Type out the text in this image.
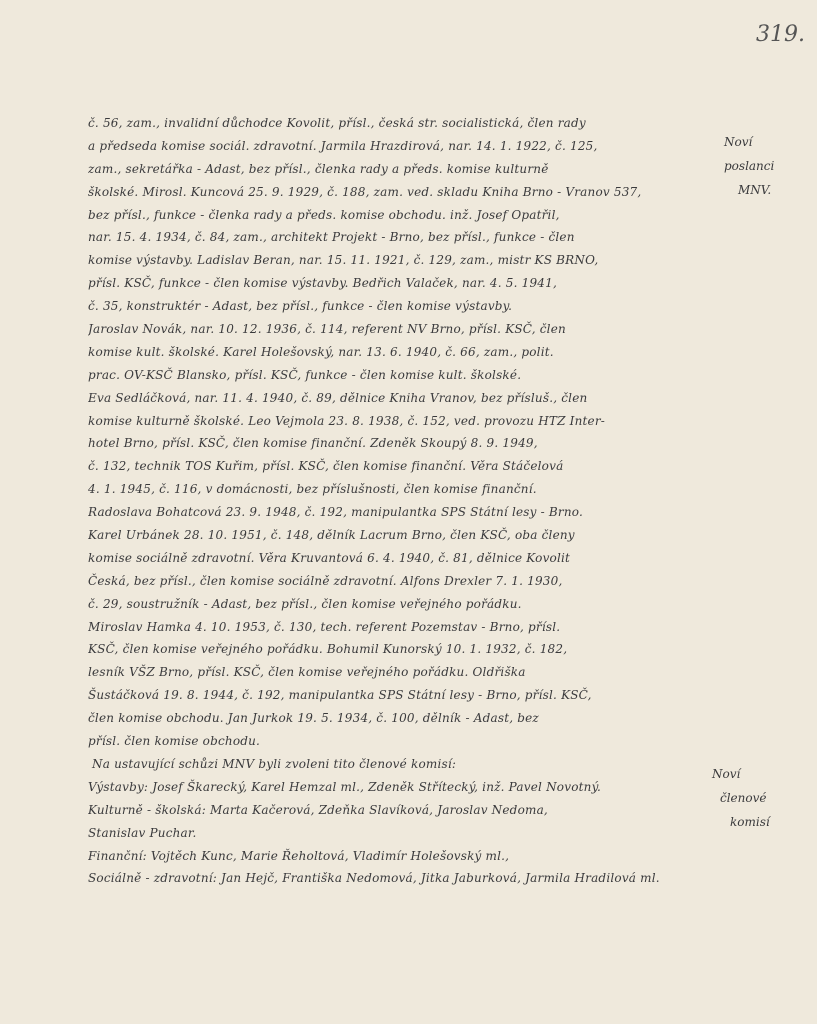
319.
č. 56, zam., invalidní důchodce Kovolit, přísl., česká str. socialistická, člen rady
a předseda komise sociál. zdravotní. Jarmila Hrazdirová, nar. 14. 1. 1922, č. 125,
zam., sekretářka - Adast, bez přísl., členka rady a předs. komise kulturně
školské. Mirosl. Kuncová 25. 9. 1929, č. 188, zam. ved. skladu Kniha Brno - Vranov 537,
bez přísl., funkce - členka rady a předs. komise obchodu. inž. Josef Opatřil,
nar. 15. 4. 1934, č. 84, zam., architekt Projekt - Brno, bez přísl., funkce - člen
komise výstavby. Ladislav Beran, nar. 15. 11. 1921, č. 129, zam., mistr KS BRNO,
přísl. KSČ, funkce - člen komise výstavby. Bedřich Valaček, nar. 4. 5. 1941,
č. 35, konstruktér - Adast, bez přísl., funkce - člen komise výstavby.
Jaroslav Novák, nar. 10. 12. 1936, č. 114, referent NV Brno, přísl. KSČ, člen
komise kult. školské. Karel Holešovský, nar. 13. 6. 1940, č. 66, zam., polit.
prac. OV-KSČ Blansko, přísl. KSČ, funkce - člen komise kult. školské.
Eva Sedláčková, nar. 11. 4. 1940, č. 89, dělnice Kniha Vranov, bez přísluš., člen
komise kulturně školské. Leo Vejmola 23. 8. 1938, č. 152, ved. provozu HTZ Inter-
hotel Brno, přísl. KSČ, člen komise finanční. Zdeněk Skoupý 8. 9. 1949,
č. 132, technik TOS Kuřim, přísl. KSČ, člen komise finanční. Věra Stáčelová
4. 1. 1945, č. 116, v domácnosti, bez příslušnosti, člen komise finanční.
Radoslava Bohatcová 23. 9. 1948, č. 192, manipulantka SPS Státní lesy - Brno.
Karel Urbánek 28. 10. 1951, č. 148, dělník Lacrum Brno, člen KSČ, oba členy
komise sociálně zdravotní. Věra Kruvantová 6. 4. 1940, č. 81, dělnice Kovolit
Česká, bez přísl., člen komise sociálně zdravotní. Alfons Drexler 7. 1. 1930,
č. 29, soustružník - Adast, bez přísl., člen komise veřejného pořádku.
Miroslav Hamka 4. 10. 1953, č. 130, tech. referent Pozemstav - Brno, přísl.
KSČ, člen komise veřejného pořádku. Bohumil Kunorský 10. 1. 1932, č. 182,
lesník VŠZ Brno, přísl. KSČ, člen komise veřejného pořádku. Oldřiška
Šustáčková 19. 8. 1944, č. 192, manipulantka SPS Státní lesy - Brno, přísl. KSČ,
člen komise obchodu. Jan Jurkok 19. 5. 1934, č. 100, dělník - Adast, bez
přísl. člen komise obchodu.
Na ustavující schůzi MNV byli zvoleni tito členové komisí:
Výstavby: Josef Škarecký, Karel Hemzal ml., Zdeněk Střítecký, inž. Pavel Novotný.
Kulturně - školská: Marta Kačerová, Zdeňka Slavíková, Jaroslav Nedoma,
Stanislav Puchar.
Finanční: Vojtěch Kunc, Marie Řeholtová, Vladimír Holešovský ml.,
Sociálně - zdravotní: Jan Hejč, Františka Nedomová, Jitka Jaburková, Jarmila Hradilová ml.
Noví
poslanci
MNV.
Noví
členové
komisí
